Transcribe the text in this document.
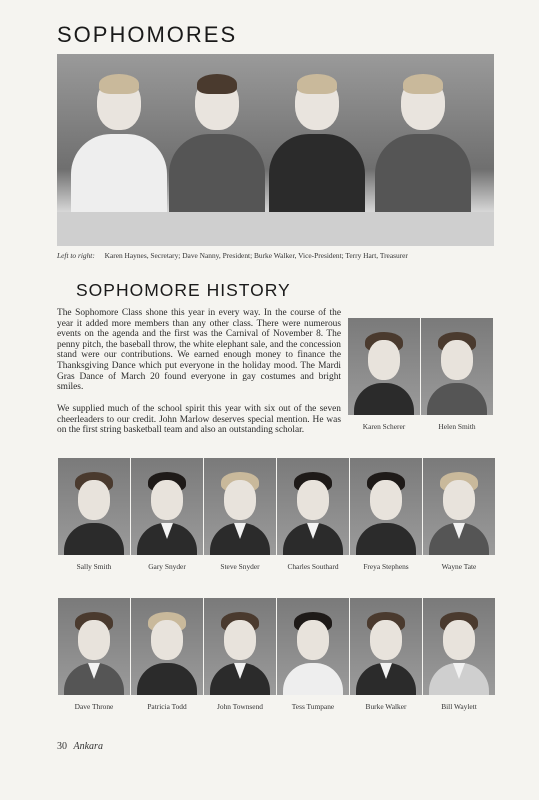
SOPHOMORES
Left to right: Karen Haynes, Secretary; Dave Nanny, President; Burke Walker, Vice-President; Terry Hart, Treasurer
SOPHOMORE HISTORY

The Sophomore Class shone this year in every way. In the course of the year it added more members than any other class. There were numerous events on the agenda and the first was the Carnival of November 8. The penny pitch, the baseball throw, the white elephant sale, and the concession stand were our contributions. We earned enough money to finance the Thanksgiving Dance which put everyone in the holiday mood. The Mardi Gras Dance of March 20 found everyone in gay costumes and bright smiles.

We supplied much of the school spirit this year with six out of the seven cheerleaders to our credit. John Marlow deserves special mention. He was on the first string basketball team and also an outstanding scholar.	Karen Scherer	Helen Smith
Sally Smith	Gary Snyder	Steve Snyder	Charles Southard	Freya Stephens	Wayne Tate
Dave Throne	Patricia Todd	John Townsend	Tess Tumpane	Burke Walker	Bill Waylett
30 Ankara
